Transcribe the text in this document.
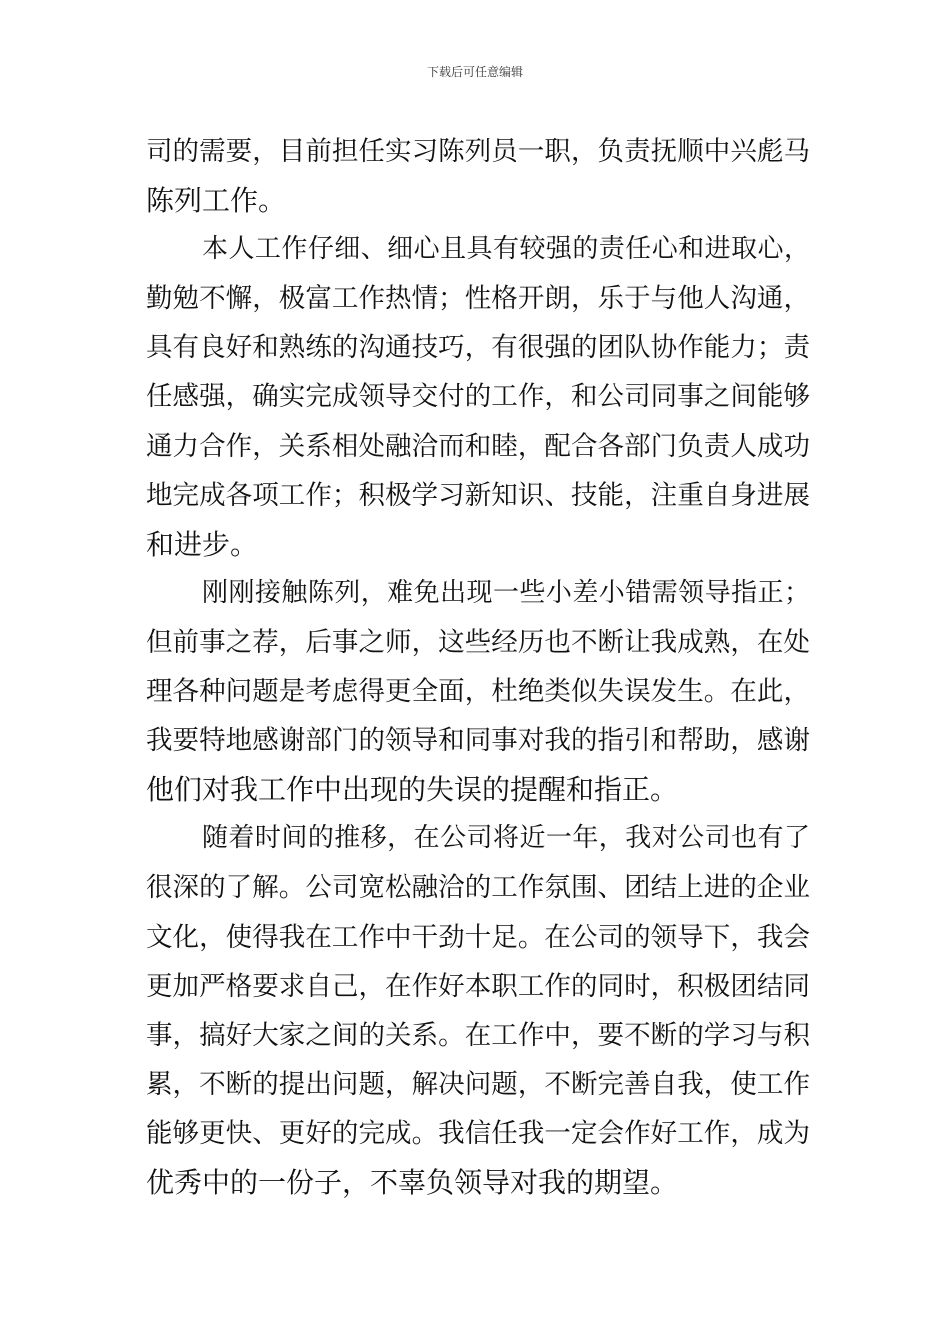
下载后可任意编辑
司的需要，目前担任实习陈列员一职，负责抚顺中兴彪马
陈列工作。
本人工作仔细、细心且具有较强的责任心和进取心，
勤勉不懈，极富工作热情；性格开朗，乐于与他人沟通，
具有良好和熟练的沟通技巧，有很强的团队协作能力；责
任感强，确实完成领导交付的工作，和公司同事之间能够
通力合作，关系相处融洽而和睦，配合各部门负责人成功
地完成各项工作；积极学习新知识、技能，注重自身进展
和进步。
刚刚接触陈列，难免出现一些小差小错需领导指正；
但前事之荐，后事之师，这些经历也不断让我成熟，在处
理各种问题是考虑得更全面，杜绝类似失误发生。在此，
我要特地感谢部门的领导和同事对我的指引和帮助，感谢
他们对我工作中出现的失误的提醒和指正。
随着时间的推移，在公司将近一年，我对公司也有了
很深的了解。公司宽松融洽的工作氛围、团结上进的企业
文化，使得我在工作中干劲十足。在公司的领导下，我会
更加严格要求自己，在作好本职工作的同时，积极团结同
事，搞好大家之间的关系。在工作中，要不断的学习与积
累，不断的提出问题，解决问题，不断完善自我，使工作
能够更快、更好的完成。我信任我一定会作好工作，成为
优秀中的一份子，不辜负领导对我的期望。
